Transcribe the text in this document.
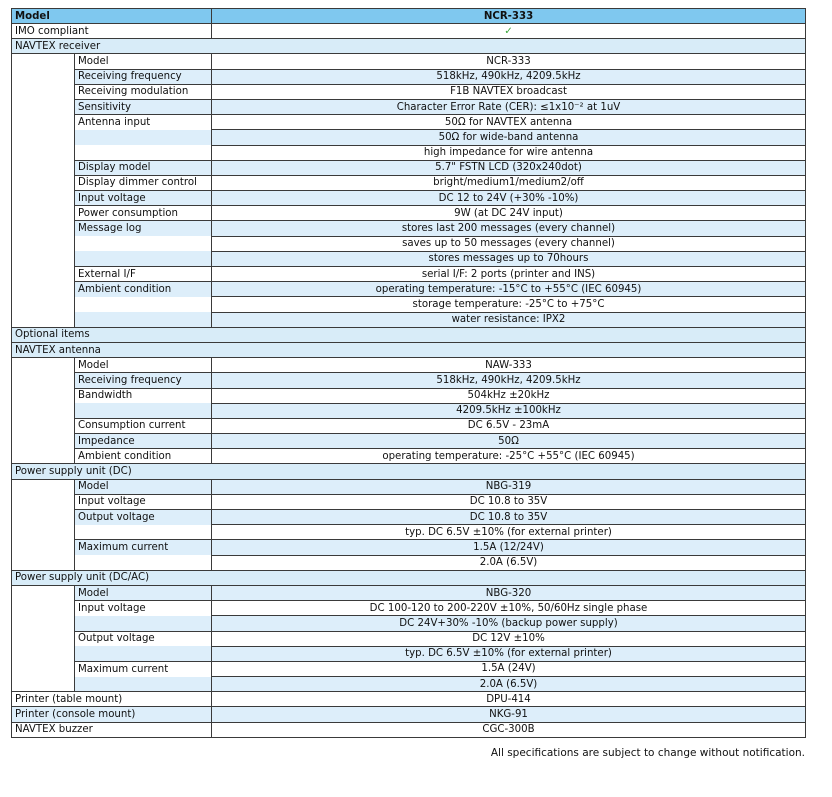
Model		NCR-333
IMO compliant		✓
NAVTEX receiver		
	Model	NCR-333
	Receiving frequency	518kHz, 490kHz, 4209.5kHz
	Receiving modulation	F1B NAVTEX broadcast
	Sensitivity	Character Error Rate (CER): ≤1x10⁻² at 1uV
	Antenna input	50Ω for NAVTEX antenna
		50Ω for wide-band antenna
		high impedance for wire antenna
	Display model	5.7" FSTN LCD (320x240dot)
	Display dimmer control	bright/medium1/medium2/off
	Input voltage	DC 12 to 24V (+30% -10%)
	Power consumption	9W (at DC 24V input)
	Message log	stores last 200 messages (every channel)
		saves up to 50 messages (every channel)
		stores messages up to 70hours
	External I/F	serial I/F: 2 ports (printer and INS)
	Ambient condition	operating temperature: -15°C to +55°C (IEC 60945)
		storage temperature: -25°C to +75°C
		water resistance: IPX2
Optional items		
NAVTEX antenna		
	Model	NAW-333
	Receiving frequency	518kHz, 490kHz, 4209.5kHz
	Bandwidth	504kHz ±20kHz
		4209.5kHz ±100kHz
	Consumption current	DC 6.5V - 23mA
	Impedance	50Ω
	Ambient condition	operating temperature: -25°C +55°C (IEC 60945)
Power supply unit (DC)		
	Model	NBG-319
	Input voltage	DC 10.8 to 35V
	Output voltage	DC 10.8 to 35V
		typ. DC 6.5V ±10% (for external printer)
	Maximum current	1.5A (12/24V)
		2.0A (6.5V)
Power supply unit (DC/AC)		
	Model	NBG-320
	Input voltage	DC 100-120 to 200-220V ±10%, 50/60Hz single phase
		DC 24V+30% -10% (backup power supply)
	Output voltage	DC 12V ±10%
		typ. DC 6.5V ±10% (for external printer)
	Maximum current	1.5A (24V)
		2.0A (6.5V)
Printer (table mount)		DPU-414
Printer (console mount)		NKG-91
NAVTEX buzzer		CGC-300B
All specifications are subject to change without notification.
